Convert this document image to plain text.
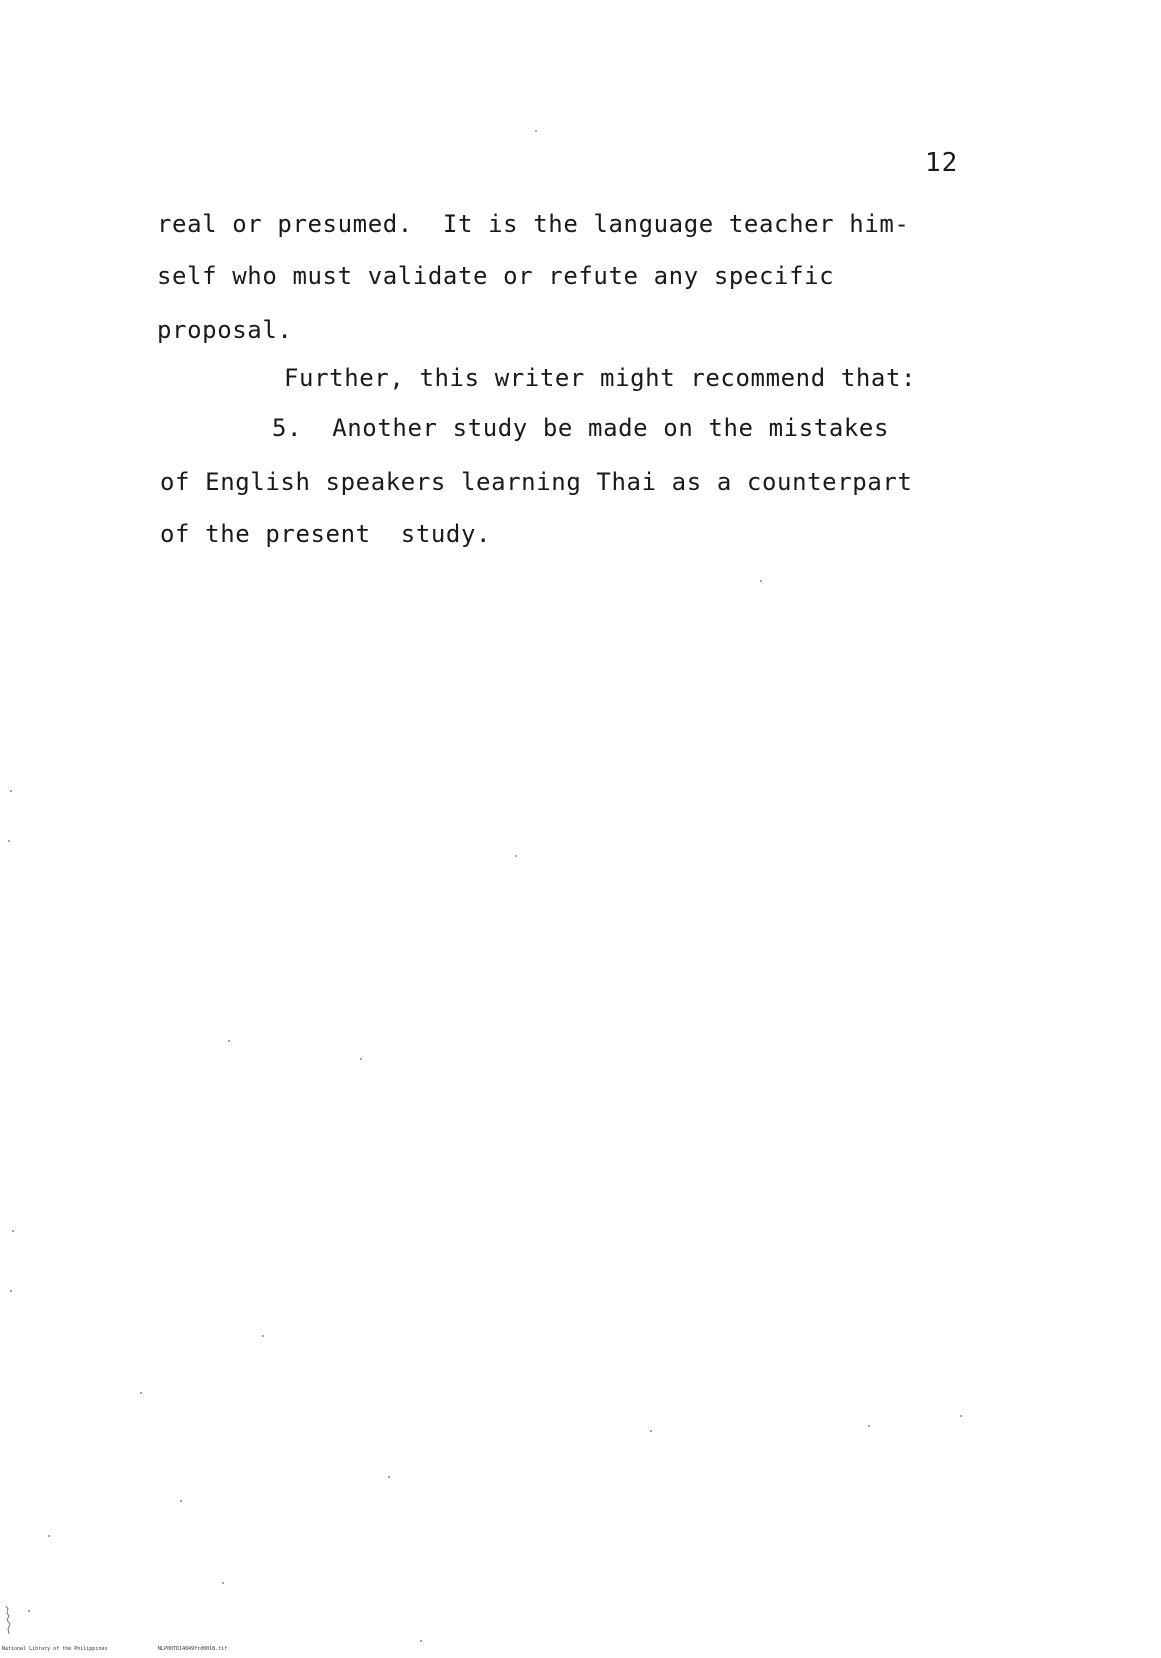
12
real or presumed.  It is the language teacher him-
self who must validate or refute any specific
proposal.
Further, this writer might recommend that:
5.  Another study be made on the mistakes
of English speakers learning Thai as a counterpart
of the present  study.
National Library of the Philippines	NLP00TD14849ftd0018.tif
